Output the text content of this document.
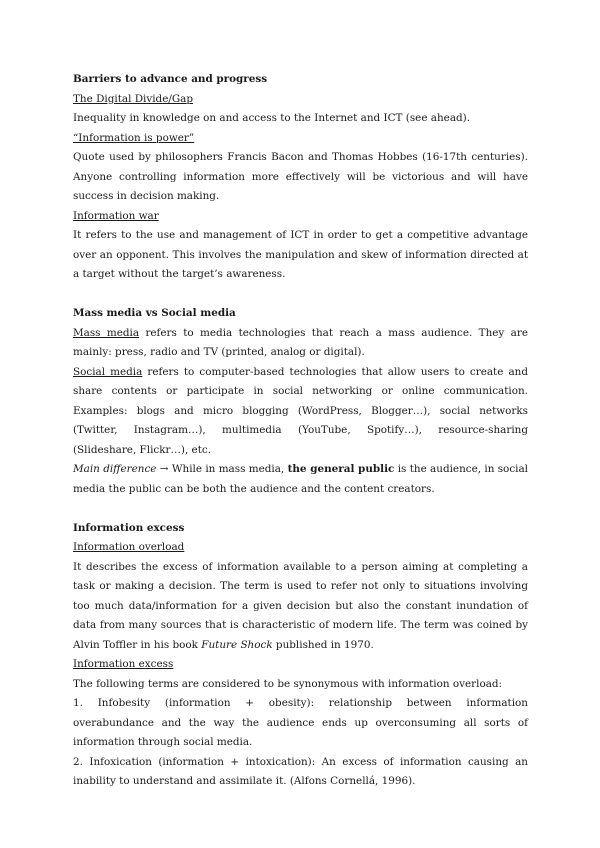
Barriers to advance and progress

The Digital Divide/Gap

Inequality in knowledge on and access to the Internet and ICT (see ahead).

“Information is power”

Quote used by philosophers Francis Bacon and Thomas Hobbes (16-17th centuries). Anyone controlling information more effectively will be victorious and will have success in decision making.

Information war

It refers to the use and management of ICT in order to get a competitive advantage over an opponent. This involves the manipulation and skew of information directed at a target without the target’s awareness.

Mass media vs Social media

Mass media refers to media technologies that reach a mass audience. They are mainly: press, radio and TV (printed, analog or digital).

Social media refers to computer-based technologies that allow users to create and share contents or participate in social networking or online communication. Examples: blogs and micro blogging (WordPress, Blogger…), social networks (Twitter, Instagram…), multimedia (YouTube, Spotify…), resource-sharing (Slideshare, Flickr…), etc.

Main difference → While in mass media, the general public is the audience, in social media the public can be both the audience and the content creators.

Information excess

Information overload

It describes the excess of information available to a person aiming at completing a task or making a decision. The term is used to refer not only to situations involving too much data/information for a given decision but also the constant inundation of data from many sources that is characteristic of modern life. The term was coined by Alvin Toffler in his book Future Shock published in 1970.

Information excess

The following terms are considered to be synonymous with information overload:

1. Infobesity (information + obesity): relationship between information overabundance and the way the audience ends up overconsuming all sorts of information through social media.

2. Infoxication (information + intoxication): An excess of information causing an inability to understand and assimilate it. (Alfons Cornellá, 1996).
